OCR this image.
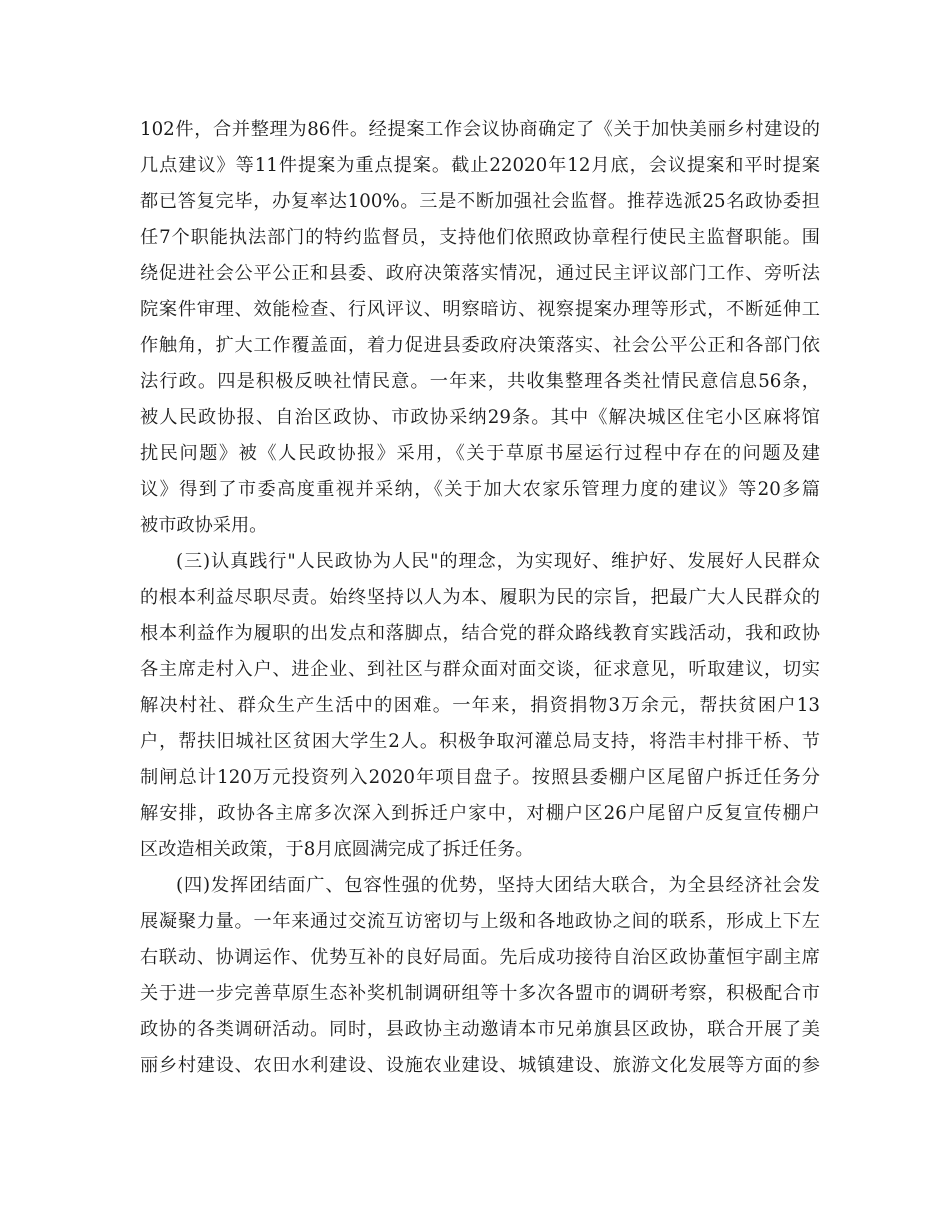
102件，合并整理为86件。经提案工作会议协商确定了《关于加快美丽乡村建设的
几点建议》等11件提案为重点提案。截止22020年12月底，会议提案和平时提案
都已答复完毕，办复率达100%。三是不断加强社会监督。推荐选派25名政协委担
任7个职能执法部门的特约监督员，支持他们依照政协章程行使民主监督职能。围
绕促进社会公平公正和县委、政府决策落实情况，通过民主评议部门工作、旁听法
院案件审理、效能检查、行风评议、明察暗访、视察提案办理等形式，不断延伸工
作触角，扩大工作覆盖面，着力促进县委政府决策落实、社会公平公正和各部门依
法行政。四是积极反映社情民意。一年来，共收集整理各类社情民意信息56条，
被人民政协报、自治区政协、市政协采纳29条。其中《解决城区住宅小区麻将馆
扰民问题》被《人民政协报》采用，《关于草原书屋运行过程中存在的问题及建
议》得到了市委高度重视并采纳，《关于加大农家乐管理力度的建议》等20多篇
被市政协采用。
(三)认真践行"人民政协为人民"的理念，为实现好、维护好、发展好人民群众
的根本利益尽职尽责。始终坚持以人为本、履职为民的宗旨，把最广大人民群众的
根本利益作为履职的出发点和落脚点，结合党的群众路线教育实践活动，我和政协
各主席走村入户、进企业、到社区与群众面对面交谈，征求意见，听取建议，切实
解决村社、群众生产生活中的困难。一年来，捐资捐物3万余元，帮扶贫困户13
户，帮扶旧城社区贫困大学生2人。积极争取河灌总局支持，将浩丰村排干桥、节
制闸总计120万元投资列入2020年项目盘子。按照县委棚户区尾留户拆迁任务分
解安排，政协各主席多次深入到拆迁户家中，对棚户区26户尾留户反复宣传棚户
区改造相关政策，于8月底圆满完成了拆迁任务。
(四)发挥团结面广、包容性强的优势，坚持大团结大联合，为全县经济社会发
展凝聚力量。一年来通过交流互访密切与上级和各地政协之间的联系，形成上下左
右联动、协调运作、优势互补的良好局面。先后成功接待自治区政协董恒宇副主席
关于进一步完善草原生态补奖机制调研组等十多次各盟市的调研考察，积极配合市
政协的各类调研活动。同时，县政协主动邀请本市兄弟旗县区政协，联合开展了美
丽乡村建设、农田水利建设、设施农业建设、城镇建设、旅游文化发展等方面的参
